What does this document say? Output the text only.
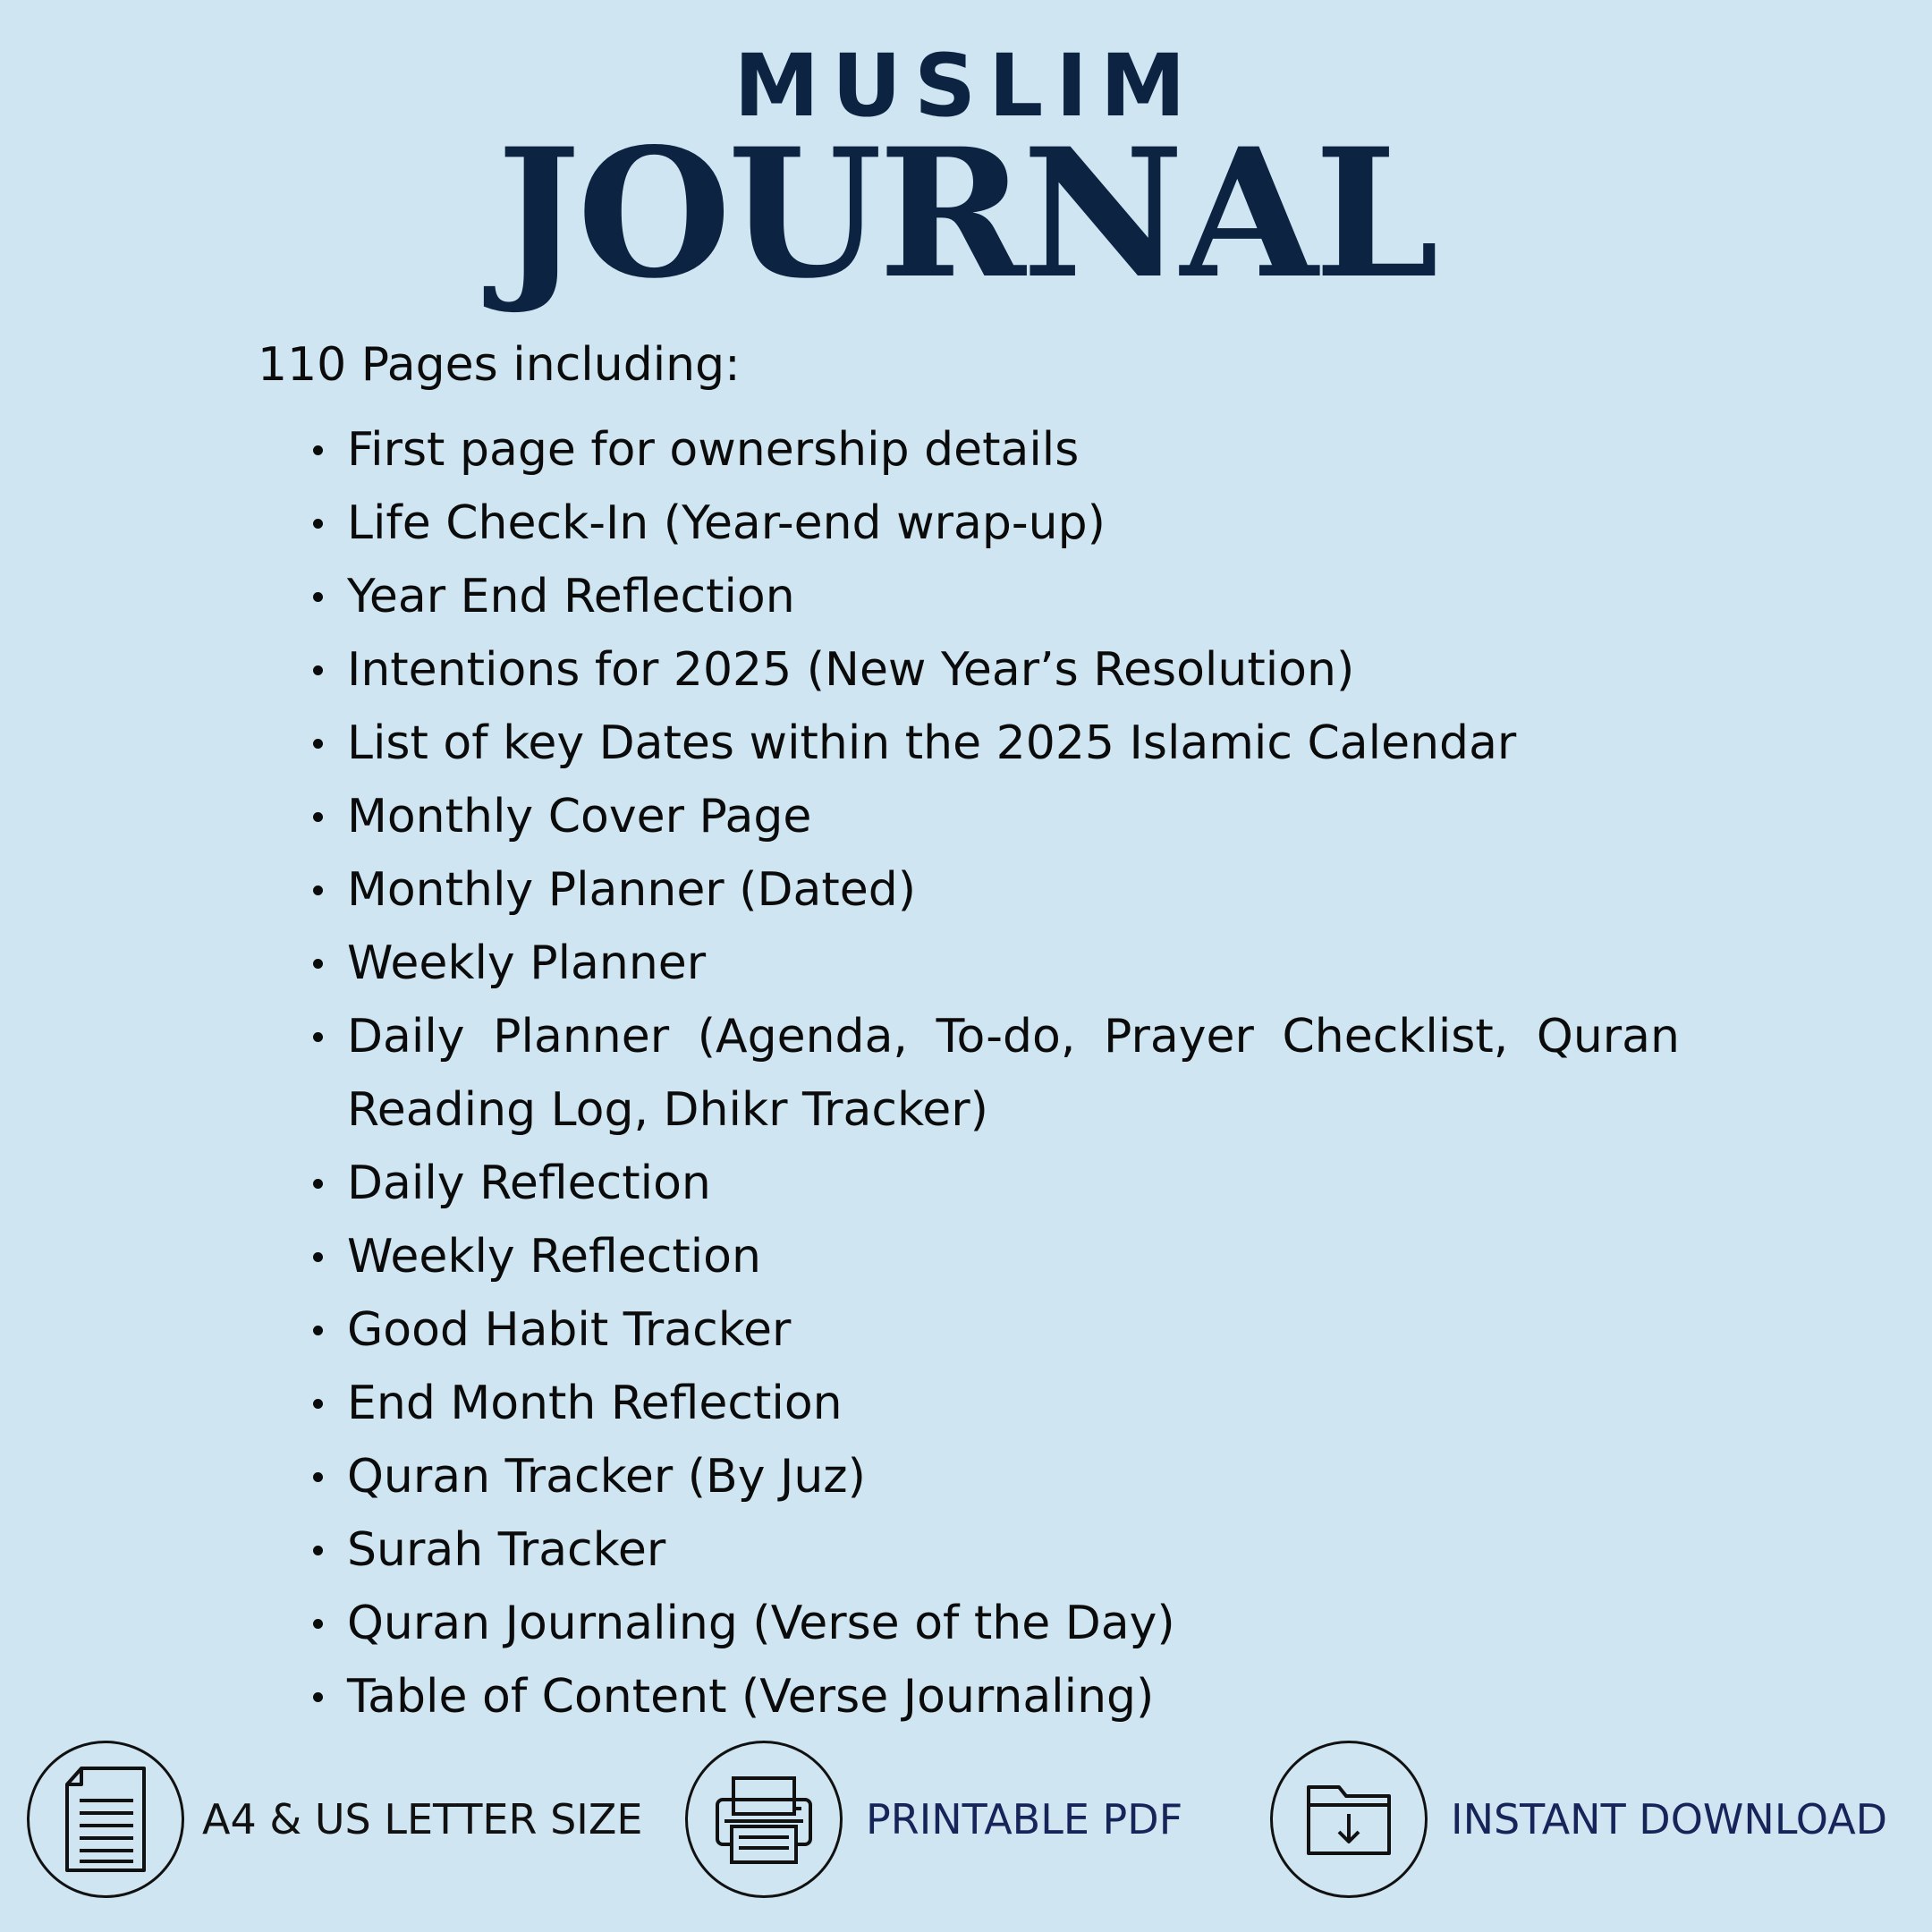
MUSLIM
JOURNAL
110 Pages including:
First page for ownership details
Life Check-In (Year-end wrap-up)
Year End Reflection
Intentions for 2025 (New Year’s Resolution)
List of key Dates within the 2025 Islamic Calendar
Monthly Cover Page
Monthly Planner (Dated)
Weekly Planner
Daily Planner (Agenda, To-do, Prayer Checklist, Quran Reading Log, Dhikr Tracker)
Daily Reflection
Weekly Reflection
Good Habit Tracker
End Month Reflection
Quran Tracker (By Juz)
Surah Tracker
Quran Journaling (Verse of the Day)
Table of Content (Verse Journaling)
A4 & US LETTER SIZE	PRINTABLE PDF	INSTANT DOWNLOAD
